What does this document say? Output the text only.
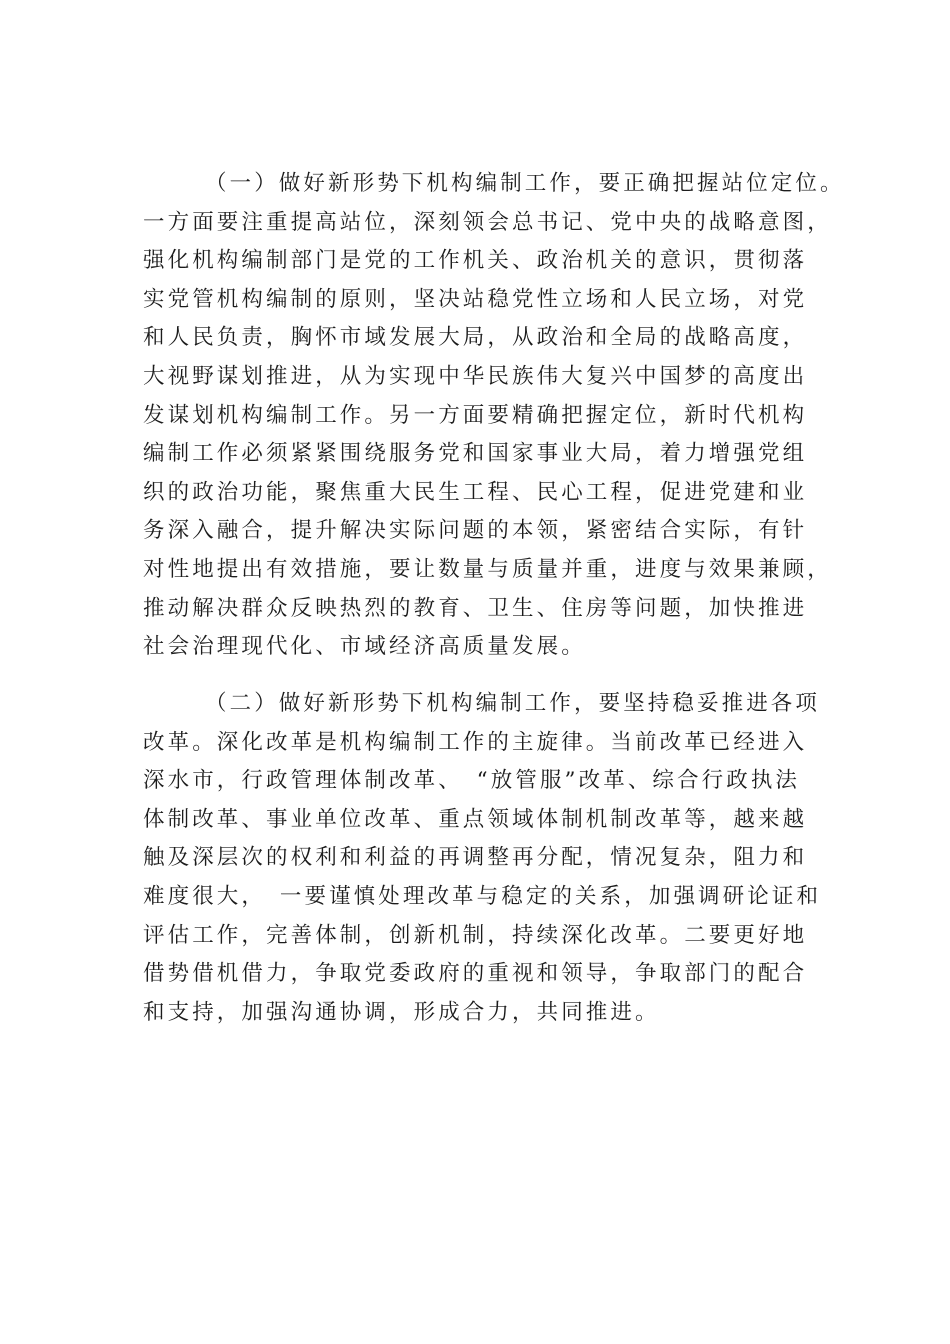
（一）做好新形势下机构编制工作，要正确把握站位定位。
一方面要注重提高站位，深刻领会总书记、党中央的战略意图，
强化机构编制部门是党的工作机关、政治机关的意识，贯彻落
实党管机构编制的原则，坚决站稳党性立场和人民立场，对党
和人民负责，胸怀市域发展大局，从政治和全局的战略高度，
大视野谋划推进，从为实现中华民族伟大复兴中国梦的高度出
发谋划机构编制工作。另一方面要精确把握定位，新时代机构
编制工作必须紧紧围绕服务党和国家事业大局，着力增强党组
织的政治功能，聚焦重大民生工程、民心工程，促进党建和业
务深入融合，提升解决实际问题的本领，紧密结合实际，有针
对性地提出有效措施，要让数量与质量并重，进度与效果兼顾，
推动解决群众反映热烈的教育、卫生、住房等问题，加快推进
社会治理现代化、市域经济高质量发展。
（二）做好新形势下机构编制工作，要坚持稳妥推进各项
改革。深化改革是机构编制工作的主旋律。当前改革已经进入
深水市，行政管理体制改革、　“放管服”改革、综合行政执法
体制改革、事业单位改革、重点领域体制机制改革等，越来越
触及深层次的权利和利益的再调整再分配，情况复杂，阻力和
难度很大，　一要谨慎处理改革与稳定的关系，加强调研论证和
评估工作，完善体制，创新机制，持续深化改革。二要更好地
借势借机借力，争取党委政府的重视和领导，争取部门的配合
和支持，加强沟通协调，形成合力，共同推进。
